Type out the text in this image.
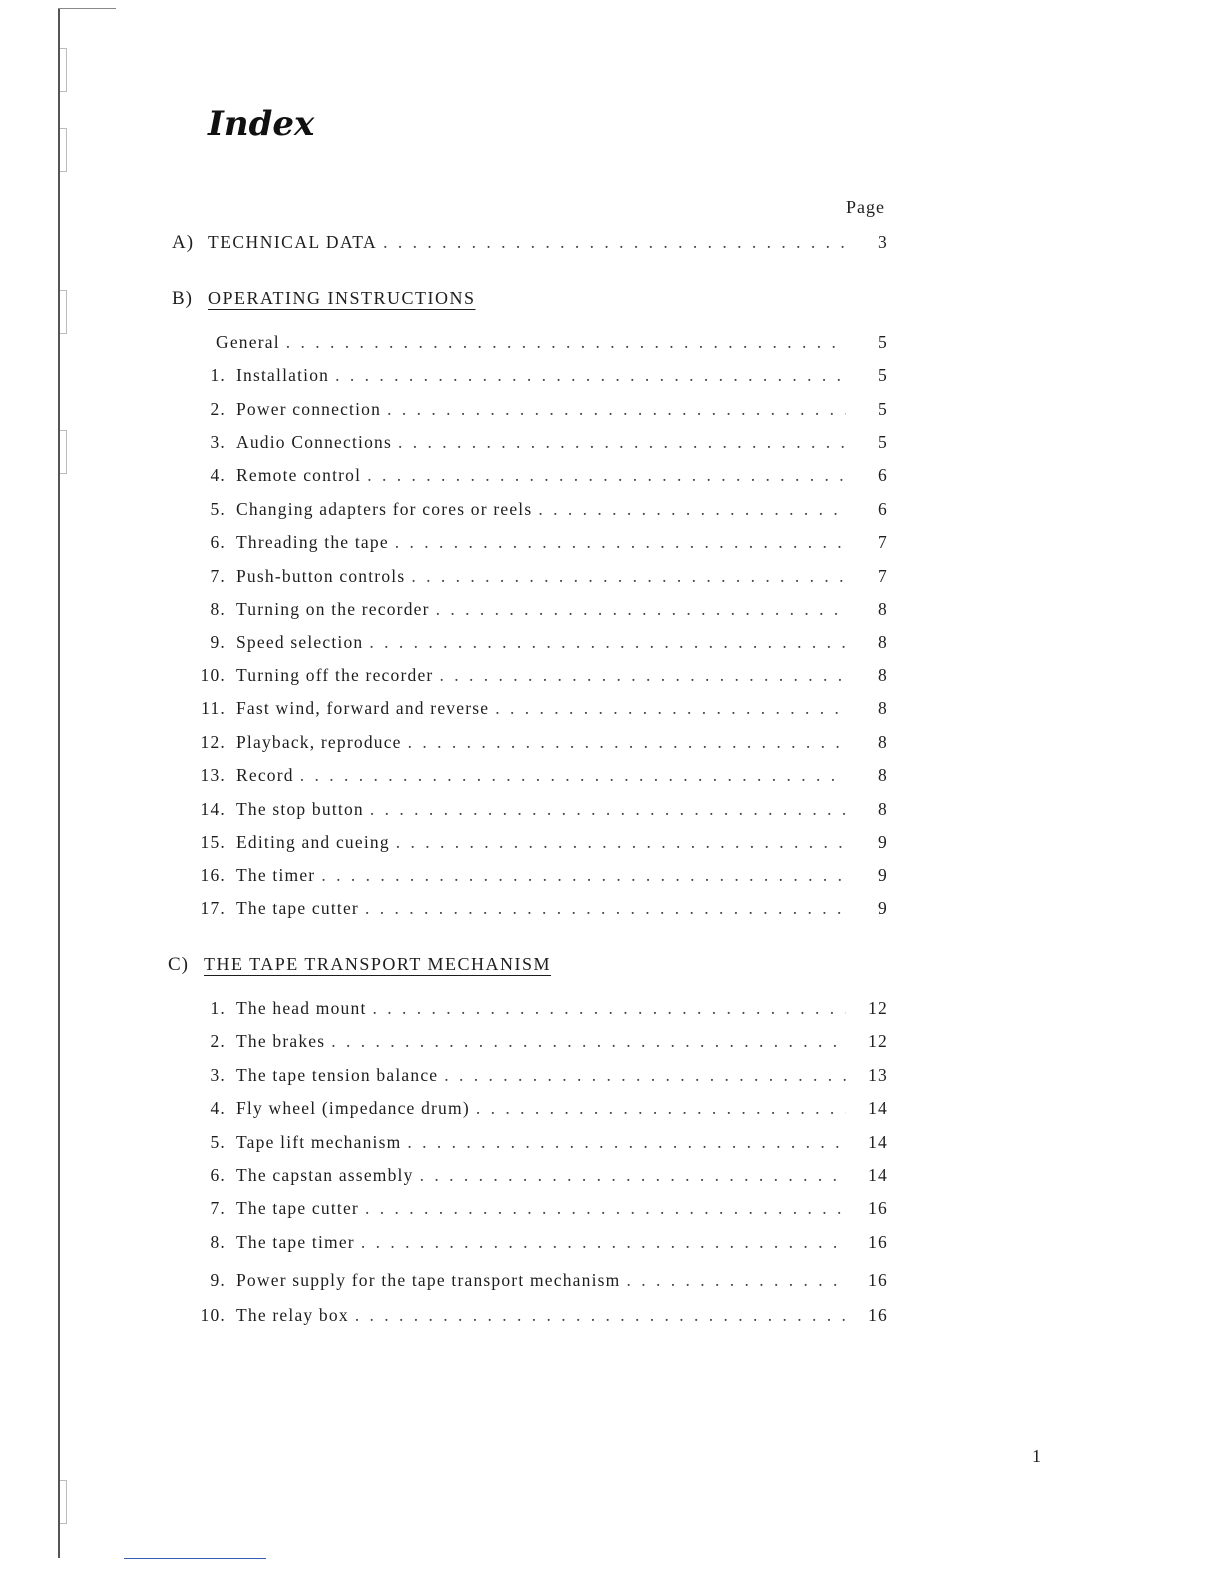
Index
Page
A) TECHNICAL DATA . . .	3
B) OPERATING INSTRUCTIONS
General . . .	5
1. Installation . . .	5
2. Power connection . . .	5
3. Audio Connections . . .	5
4. Remote control . . .	6
5. Changing adapters for cores or reels . . .	6
6. Threading the tape . . .	7
7. Push-button controls . . .	7
8. Turning on the recorder . . .	8
9. Speed selection . . .	8
10. Turning off the recorder . . .	8
11. Fast wind, forward and reverse . . .	8
12. Playback, reproduce . . .	8
13. Record . . .	8
14. The stop button . . .	8
15. Editing and cueing . . .	9
16. The timer . . .	9
17. The tape cutter . . .	9
C) THE TAPE TRANSPORT MECHANISM
1. The head mount . . .	12
2. The brakes . . .	12
3. The tape tension balance . . .	13
4. Fly wheel (impedance drum) . . .	14
5. Tape lift mechanism . . .	14
6. The capstan assembly . . .	14
7. The tape cutter . . .	16
8. The tape timer . . .	16
9. Power supply for the tape transport mechanism . . .	16
10. The relay box . . .	16
1
